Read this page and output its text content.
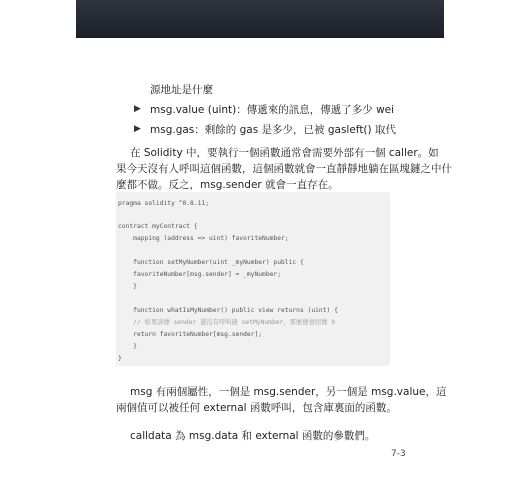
源地址是什麼
▶ msg.value (uint)：傳遞來的訊息，傳遞了多少 wei
▶ msg.gas：剩餘的 gas 是多少，已被 gasleft() 取代
在 Solidity 中，要執行一個函數通常會需要外部有一個 caller。如
果今天沒有人呼叫這個函數，這個函數就會一直靜靜地躺在區塊鏈之中什
麼都不做。反之，msg.sender 就會一直存在。
pragma solidity ^0.8.11;
contract myContract {
mapping (address => uint) favoriteNumber;
function setMyNumber(uint _myNumber) public {
favoriteNumber[msg.sender] = _myNumber;
}
function whatIsMyNumber() public view returns (uint) {
// 如果該傳 sender 還沒有呼叫過 setMyNumber，那麼便會回傳 0
return favoriteNumber[msg.sender];
}
}
msg 有兩個屬性，一個是 msg.sender，另一個是 msg.value，這
兩個值可以被任何 external 函數呼叫，包含庫裏面的函數。
calldata 為 msg.data 和 external 函數的參數們。
7-3
